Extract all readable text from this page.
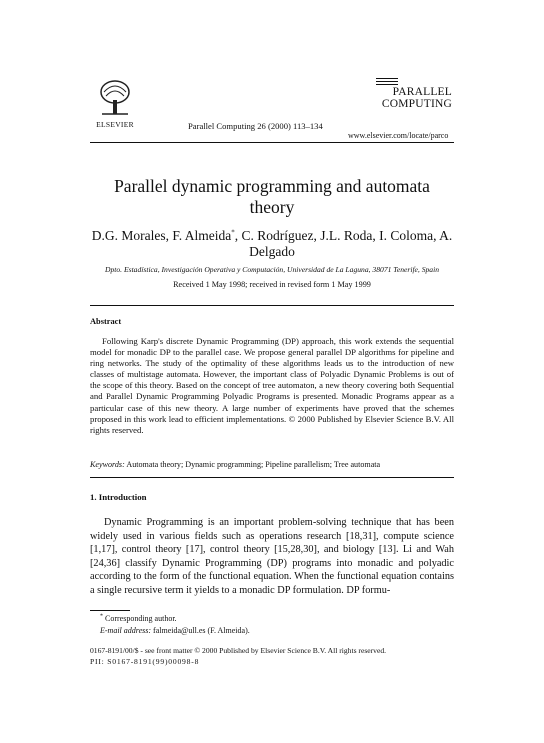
ELSEVIER	Parallel Computing 26 (2000) 113–134
PARALLEL
COMPUTING
www.elsevier.com/locate/parco
Parallel dynamic programming and automata theory
D.G. Morales, F. Almeida*, C. Rodríguez, J.L. Roda, I. Coloma, A. Delgado
Dpto. Estadística, Investigación Operativa y Computación, Universidad de La Laguna, 38071 Tenerife, Spain
Received 1 May 1998; received in revised form 1 May 1999
Abstract
Following Karp's discrete Dynamic Programming (DP) approach, this work extends the sequential model for monadic DP to the parallel case. We propose general parallel DP algorithms for pipeline and ring networks. The study of the optimality of these algorithms leads us to the introduction of new classes of multistage automata. However, the important class of Polyadic Dynamic Problems is out of the scope of this theory. Based on the concept of tree automaton, a new theory covering both Sequential and Parallel Dynamic Programming Polyadic Programs is presented. Monadic Programs appear as a particular case of this new theory. A large number of experiments have proved that the schemes proposed in this work lead to efficient implementations. © 2000 Published by Elsevier Science B.V. All rights reserved.
Keywords: Automata theory; Dynamic programming; Pipeline parallelism; Tree automata
1. Introduction
Dynamic Programming is an important problem-solving technique that has been widely used in various fields such as operations research [18,31], compute science [1,17], control theory [17], control theory [15,28,30], and biology [13]. Li and Wah [24,36] classify Dynamic Programming (DP) programs into monadic and polyadic according to the form of the functional equation. When the functional equation contains a single recursive term it yields to a monadic DP formulation. DP formu-
* Corresponding author.
E-mail address: falmeida@ull.es (F. Almeida).
0167-8191/00/$ - see front matter © 2000 Published by Elsevier Science B.V. All rights reserved.
PII: S0167-8191(99)00098-8
